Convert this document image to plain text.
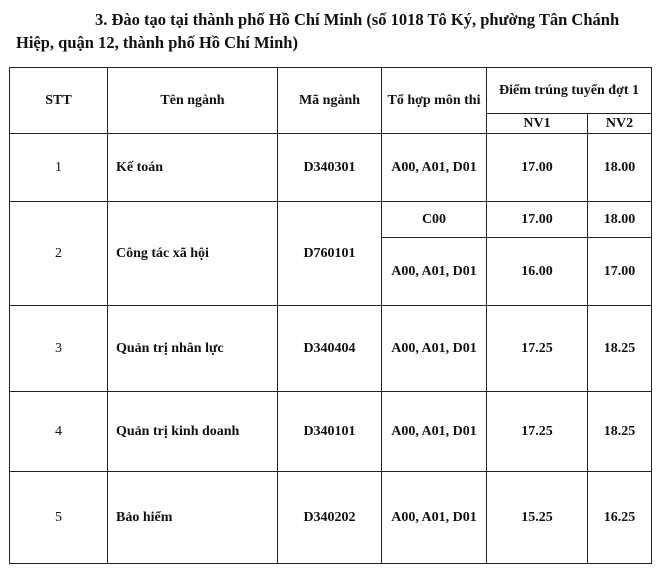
3. Đào tạo tại thành phố Hồ Chí Minh (số 1018 Tô Ký, phường Tân Chánh
Hiệp, quận 12, thành phố Hồ Chí Minh)
STT	Tên ngành	Mã ngành	Tổ hợp môn thi	Điểm trúng tuyển đợt 1	
				NV1	NV2
1	Kế toán	D340301	A00, A01, D01	17.00	18.00
2	Công tác xã hội	D760101	C00	17.00	18.00
			A00, A01, D01	16.00	17.00
3	Quản trị nhân lực	D340404	A00, A01, D01	17.25	18.25
4	Quản trị kinh doanh	D340101	A00, A01, D01	17.25	18.25
5	Bảo hiểm	D340202	A00, A01, D01	15.25	16.25
